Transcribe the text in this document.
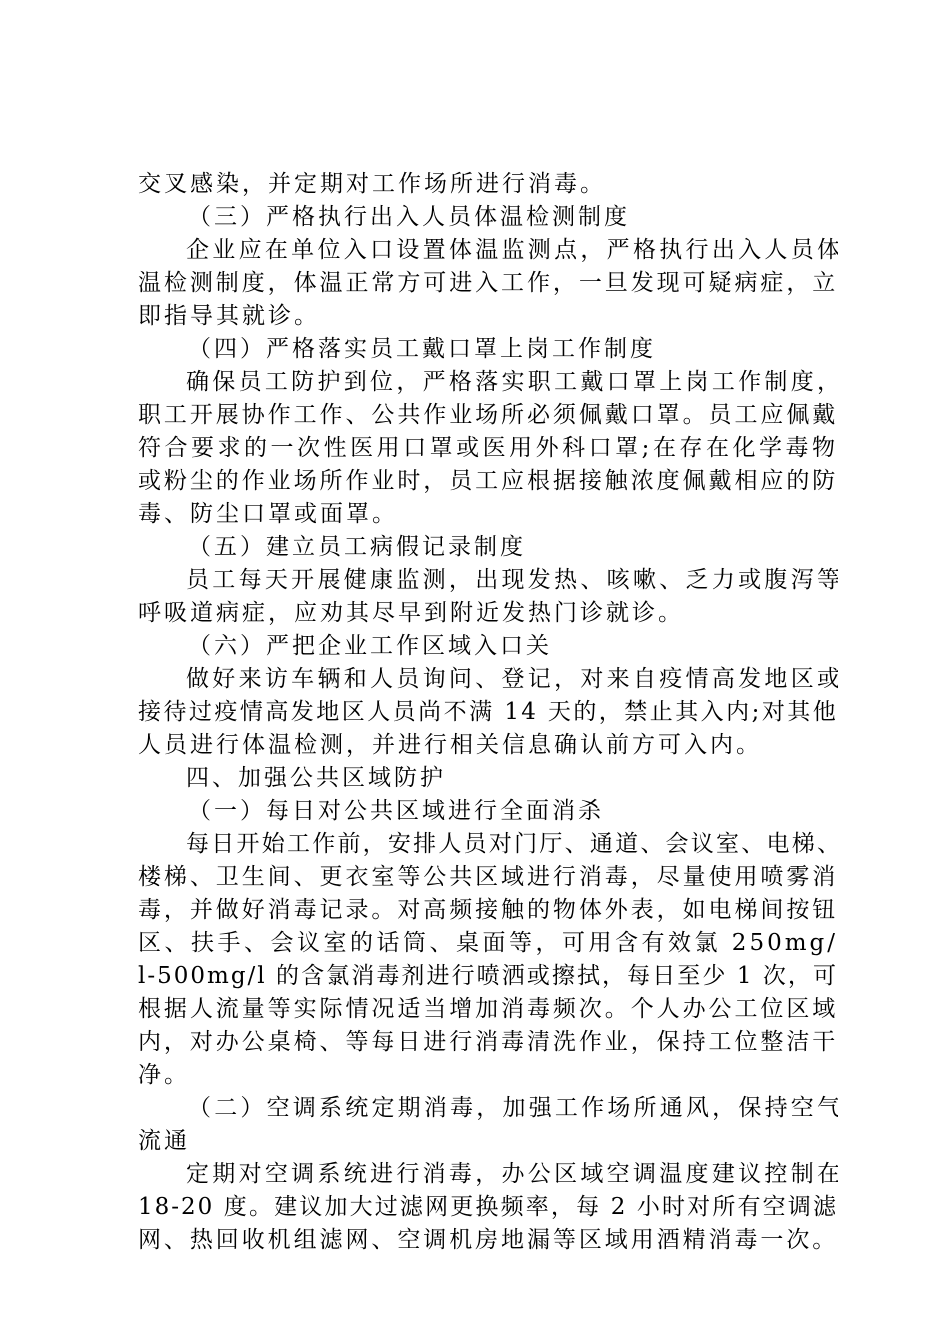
交叉感染，并定期对工作场所进行消毒。
（三）严格执行出入人员体温检测制度
企业应在单位入口设置体温监测点，严格执行出入人员体
温检测制度，体温正常方可进入工作，一旦发现可疑病症，立
即指导其就诊。
（四）严格落实员工戴口罩上岗工作制度
确保员工防护到位，严格落实职工戴口罩上岗工作制度，
职工开展协作工作、公共作业场所必须佩戴口罩。员工应佩戴
符合要求的一次性医用口罩或医用外科口罩;在存在化学毒物
或粉尘的作业场所作业时，员工应根据接触浓度佩戴相应的防
毒、防尘口罩或面罩。
（五）建立员工病假记录制度
员工每天开展健康监测，出现发热、咳嗽、乏力或腹泻等
呼吸道病症，应劝其尽早到附近发热门诊就诊。
（六）严把企业工作区域入口关
做好来访车辆和人员询问、登记，对来自疫情高发地区或
接待过疫情高发地区人员尚不满 14 天的，禁止其入内;对其他
人员进行体温检测，并进行相关信息确认前方可入内。
四、加强公共区域防护
（一）每日对公共区域进行全面消杀
每日开始工作前，安排人员对门厅、通道、会议室、电梯、
楼梯、卫生间、更衣室等公共区域进行消毒，尽量使用喷雾消
毒，并做好消毒记录。对高频接触的物体外表，如电梯间按钮
区、扶手、会议室的话筒、桌面等，可用含有效氯 250mg/
l-500mg/l 的含氯消毒剂进行喷洒或擦拭，每日至少 1 次，可
根据人流量等实际情况适当增加消毒频次。个人办公工位区域
内，对办公桌椅、等每日进行消毒清洗作业，保持工位整洁干
净。
（二）空调系统定期消毒，加强工作场所通风，保持空气
流通
定期对空调系统进行消毒，办公区域空调温度建议控制在
18-20 度。建议加大过滤网更换频率，每 2 小时对所有空调滤
网、热回收机组滤网、空调机房地漏等区域用酒精消毒一次。
